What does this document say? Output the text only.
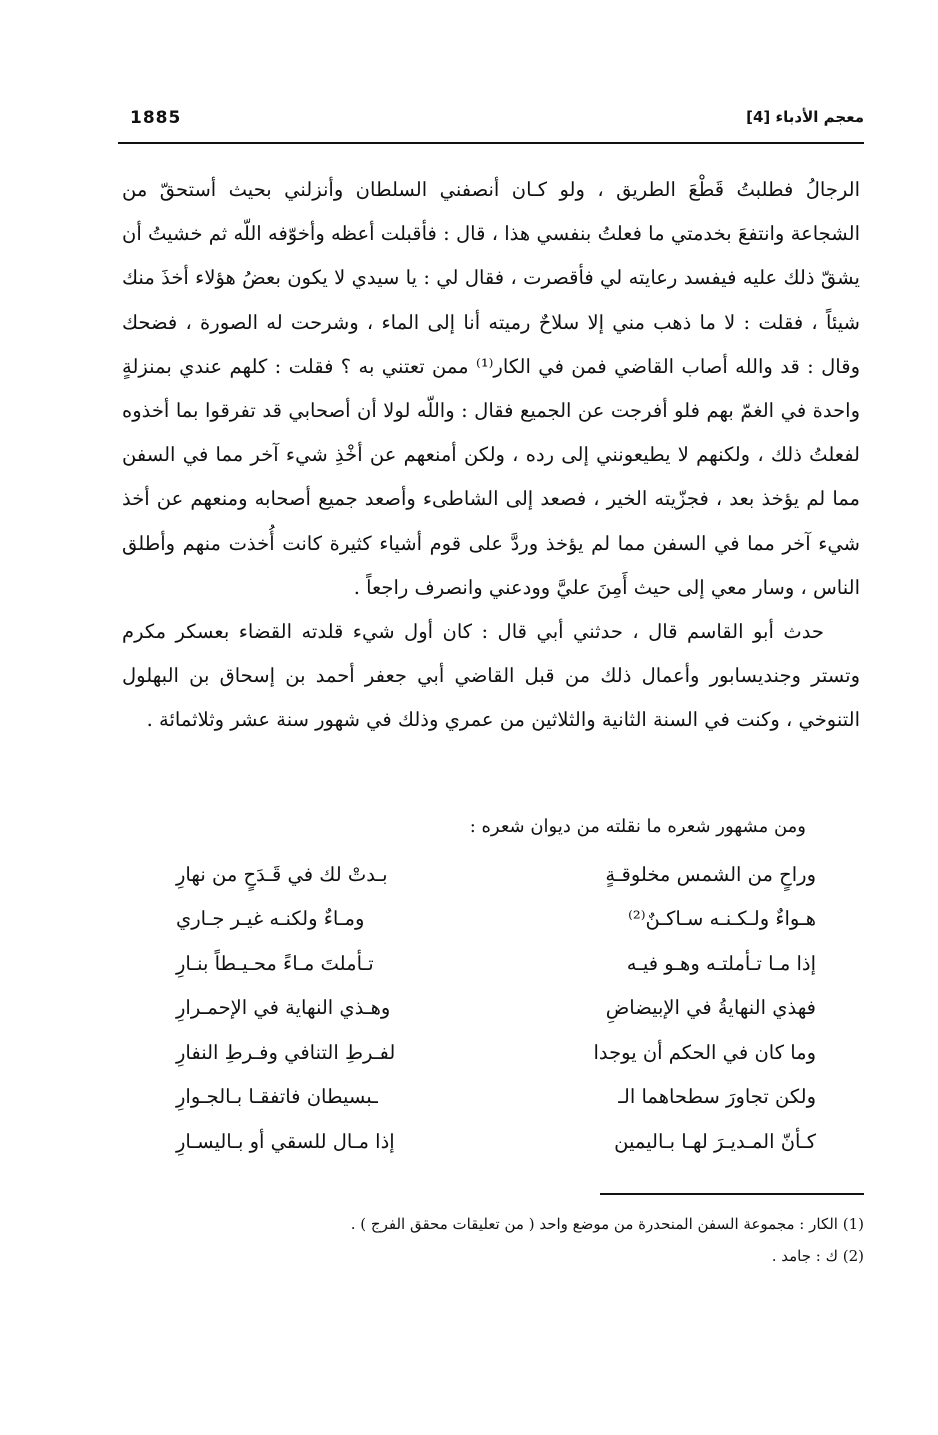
1885	معجم الأدباء [4]

الرجالُ فطلبتُ قَطْعَ الطريق ، ولو كـان أنصفني السلطان وأنزلني بحيث أستحقّ من الشجاعة وانتفعَ بخدمتي ما فعلتُ بنفسي هذا ، قال : فأقبلت أعظه وأخوّفه اللّه ثم خشيتُ أن يشقّ ذلك عليه فيفسد رعايته لي فأقصرت ، فقال لي : يا سيدي لا يكون بعضُ هؤلاء أخذَ منك شيئاً ، فقلت : لا ما ذهب مني إلا سلاحٌ رميته أنا إلى الماء ، وشرحت له الصورة ، فضحك وقال : قد والله أصاب القاضي فمن في الكار⁽¹⁾ ممن تعتني به ؟ فقلت : كلهم عندي بمنزلةٍ واحدة في الغمّ بهم فلو أفرجت عن الجميع فقال : واللّه لولا أن أصحابي قد تفرقوا بما أخذوه لفعلتُ ذلك ، ولكنهم لا يطيعونني إلى رده ، ولكن أمنعهم عن أخْذِ شيء آخر مما في السفن مما لم يؤخذ بعد ، فجزّيته الخير ، فصعد إلى الشاطىء وأصعد جميع أصحابه ومنعهم عن أخذ شيء آخر مما في السفن مما لم يؤخذ وردَّ على قوم أشياء كثيرة كانت أُخذت منهم وأطلق الناس ، وسار معي إلى حيث أَمِنَ عليَّ وودعني وانصرف راجعاً .

حدث أبو القاسم قال ، حدثني أبي قال : كان أول شيء قلدته القضاء بعسكر مكرم وتستر وجنديسابور وأعمال ذلك من قبل القاضي أبي جعفر أحمد بن إسحاق بن البهلول التنوخي ، وكنت في السنة الثانية والثلاثين من عمري وذلك في شهور سنة عشر وثلاثمائة .

ومن مشهور شعره ما نقلته من ديوان شعره :
وراحٍ من الشمس مخلوقـةٍ
بـدتْ لك في قَـدَحٍ من نهارِ
هـواءٌ ولـكـنـه سـاكـنٌ⁽²⁾
ومـاءٌ ولكنـه غيـر جـاري
إذا مـا تـأملتـه وهـو فيـه
تـأملتَ مـاءً محـيـطاً بنـارِ
فهذي النهايةُ في الإبيضاضِ
وهـذي النهاية في الإحمـرارِ
وما كان في الحكم أن يوجدا
لفـرطِ التنافي وفـرطِ النفارِ
ولكن تجاورَ سطحاهما الـ
ـبسيطان فاتفقـا بـالجـوارِ
كـأنّ المـديـرَ لهـا بـاليمين
إذا مـال للسقي أو بـاليسـارِ

(1) الكار : مجموعة السفن المنحدرة من موضع واحد ( من تعليقات محقق الفرج ) .

(2) ك : جامد .
